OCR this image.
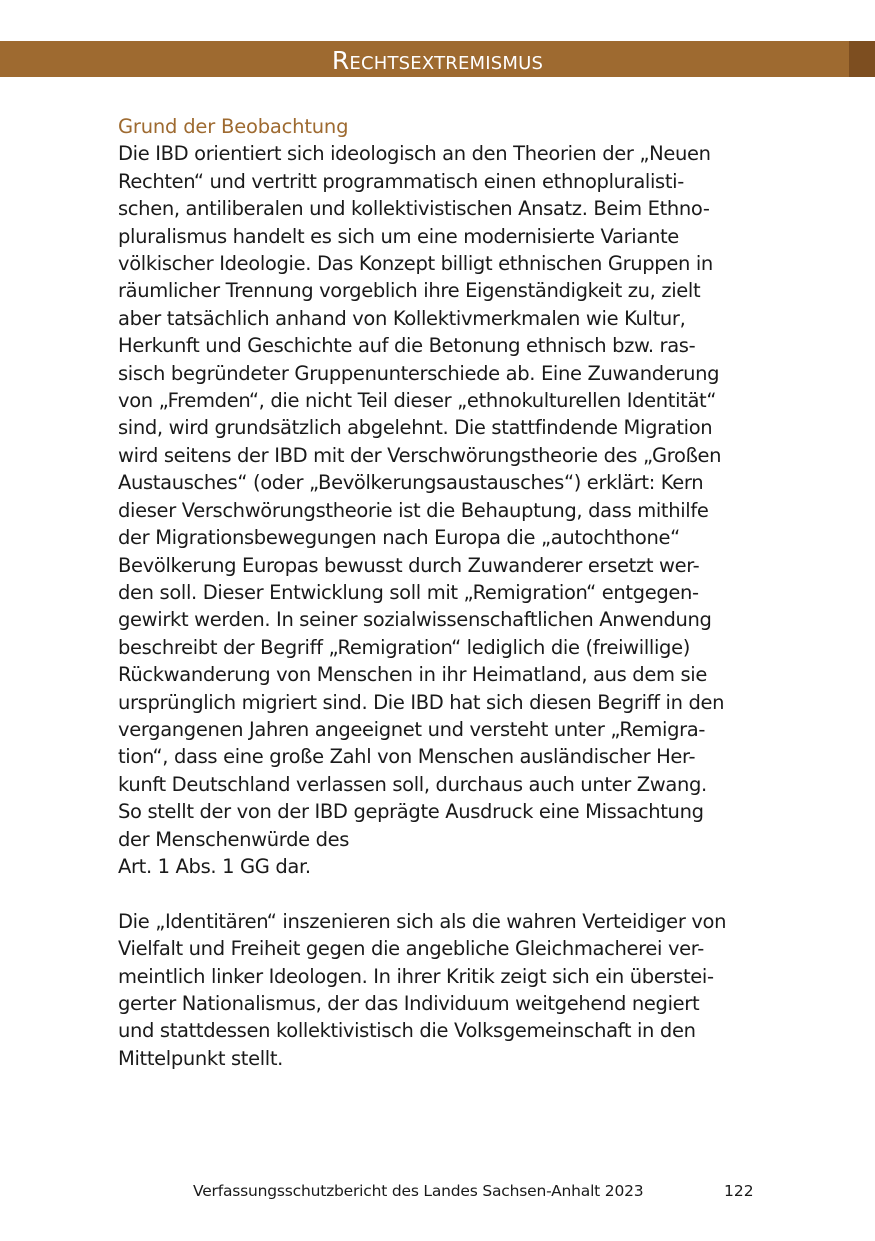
Rechtsextremismus
Grund der Beobachtung

Die IBD orientiert sich ideologisch an den Theorien der „Neuen
Rechten“ und vertritt programmatisch einen ethnopluralisti-
schen, antiliberalen und kollektivistischen Ansatz. Beim Ethno-
pluralismus handelt es sich um eine modernisierte Variante
völkischer Ideologie. Das Konzept billigt ethnischen Gruppen in
räumlicher Trennung vorgeblich ihre Eigenständigkeit zu, zielt
aber tatsächlich anhand von Kollektivmerkmalen wie Kultur,
Herkunft und Geschichte auf die Betonung ethnisch bzw. ras-
sisch begründeter Gruppenunterschiede ab. Eine Zuwanderung
von „Fremden“, die nicht Teil dieser „ethnokulturellen Identität“
sind, wird grundsätzlich abgelehnt. Die stattfindende Migration
wird seitens der IBD mit der Verschwörungstheorie des „Großen
Austausches“ (oder „Bevölkerungsaustausches“) erklärt: Kern
dieser Verschwörungstheorie ist die Behauptung, dass mithilfe
der Migrationsbewegungen nach Europa die „autochthone“
Bevölkerung Europas bewusst durch Zuwanderer ersetzt wer-
den soll. Dieser Entwicklung soll mit „Remigration“ entgegen-
gewirkt werden. In seiner sozialwissenschaftlichen Anwendung
beschreibt der Begriff „Remigration“ lediglich die (freiwillige)
Rückwanderung von Menschen in ihr Heimatland, aus dem sie
ursprünglich migriert sind. Die IBD hat sich diesen Begriff in den
vergangenen Jahren angeeignet und versteht unter „Remigra-
tion“, dass eine große Zahl von Menschen ausländischer Her-
kunft Deutschland verlassen soll, durchaus auch unter Zwang.
So stellt der von der IBD geprägte Ausdruck eine Missachtung
der Menschenwürde des
Art. 1 Abs. 1 GG dar.

Die „Identitären“ inszenieren sich als die wahren Verteidiger von
Vielfalt und Freiheit gegen die angebliche Gleichmacherei ver-
meintlich linker Ideologen. In ihrer Kritik zeigt sich ein überstei-
gerter Nationalismus, der das Individuum weitgehend negiert
und stattdessen kollektivistisch die Volksgemeinschaft in den
Mittelpunkt stellt.

Verfassungsschutzbericht des Landes Sachsen-Anhalt 2023	122
